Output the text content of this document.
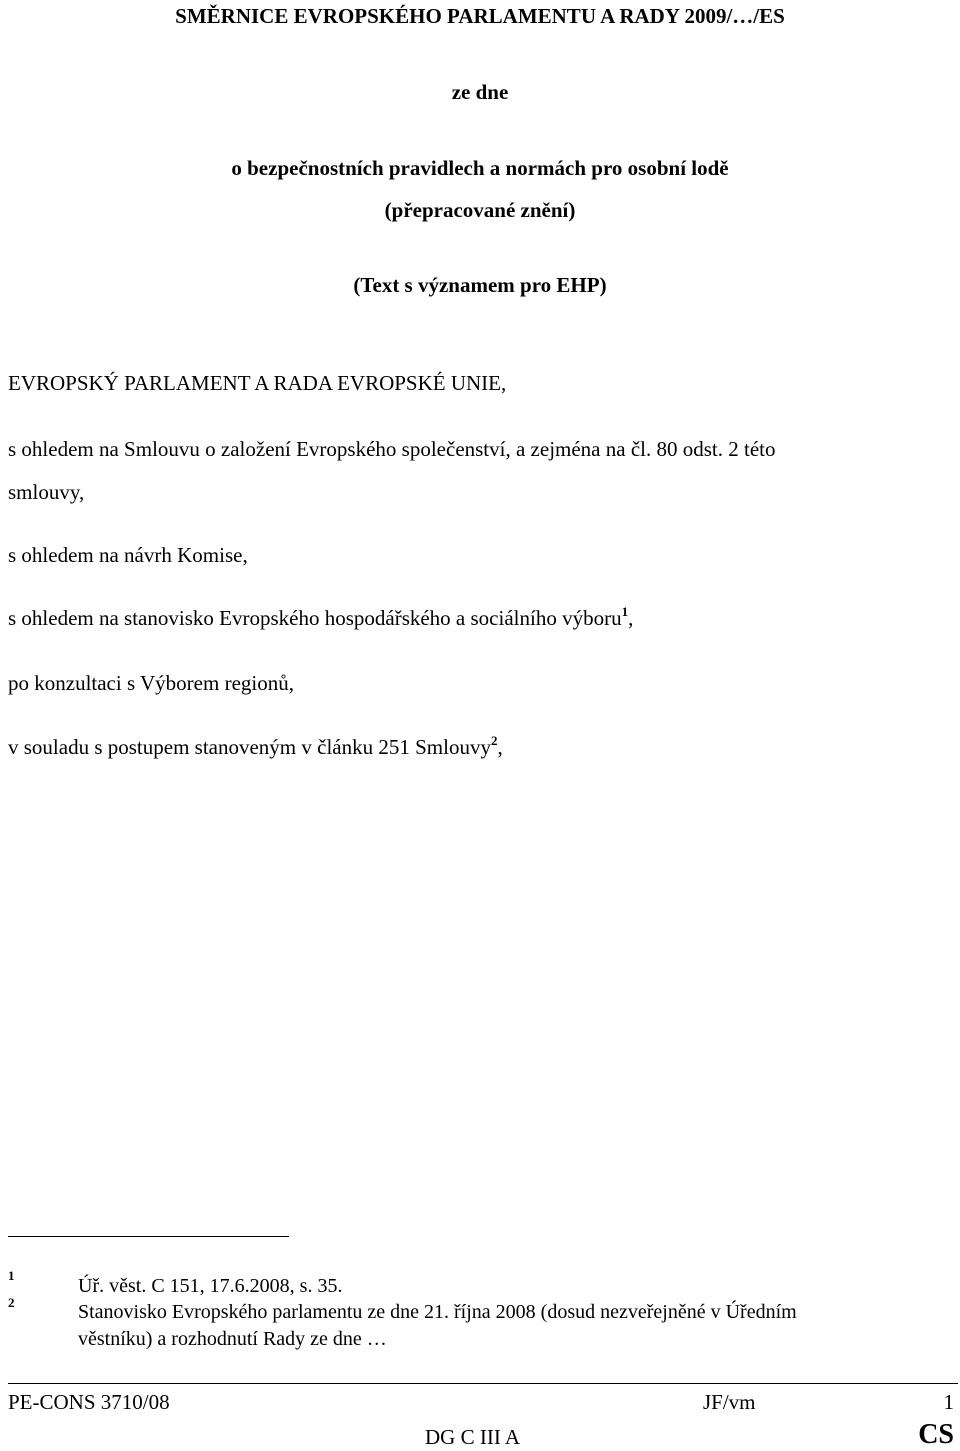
SMĚRNICE EVROPSKÉHO PARLAMENTU A RADY 2009/…/ES
ze dne
o bezpečnostních pravidlech a normách pro osobní lodě
(přepracované znění)
(Text s významem pro EHP)
EVROPSKÝ PARLAMENT A RADA EVROPSKÉ UNIE,
s ohledem na Smlouvu o založení Evropského společenství, a zejména na čl. 80 odst. 2 této
smlouvy,
s ohledem na návrh Komise,
s ohledem na stanovisko Evropského hospodářského a sociálního výboru$^1$,
po konzultaci s Výborem regionů,
v souladu s postupem stanoveným v článku 251 Smlouvy$^2$,
1	Úř. věst. C 151, 17.6.2008, s. 35.
2	Stanovisko Evropského parlamentu ze dne 21. října 2008 (dosud nezveřejněné v Úředním
věstníku) a rozhodnutí Rady ze dne …
PE-CONS 3710/08	JF/vm	1
DG C III A	CS
